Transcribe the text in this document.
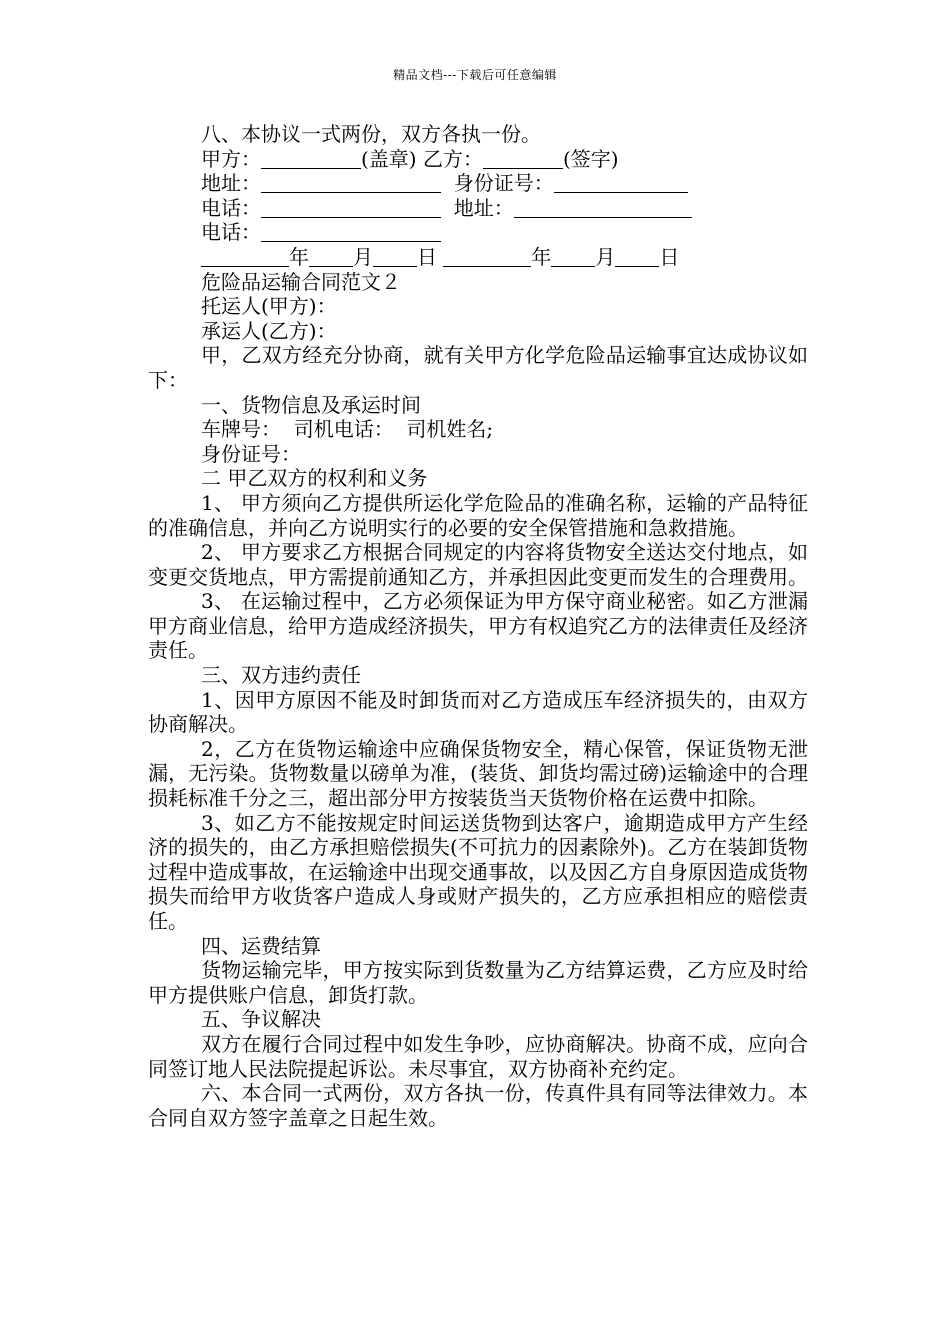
精品文档---下载后可任意编辑
八、本协议一式两份，双方各执一份。
甲方：	(盖章) 乙方：	(签字)
地址：	身份证号：
电话：	地址：
电话：
年 月 日	年 月 日
危险品运输合同范文２
托运人(甲方)：
承运人(乙方)：

甲，乙双方经充分协商，就有关甲方化学危险品运输事宜达成协议如下：

一、货物信息及承运时间
车牌号：  司机电话：  司机姓名;
身份证号：
二 甲乙双方的权利和义务

1、 甲方须向乙方提供所运化学危险品的准确名称，运输的产品特征的准确信息，并向乙方说明实行的必要的安全保管措施和急救措施。

2、 甲方要求乙方根据合同规定的内容将货物安全送达交付地点，如变更交货地点，甲方需提前通知乙方，并承担因此变更而发生的合理费用。

3、 在运输过程中，乙方必须保证为甲方保守商业秘密。如乙方泄漏甲方商业信息，给甲方造成经济损失，甲方有权追究乙方的法律责任及经济责任。

三、双方违约责任

1、因甲方原因不能及时卸货而对乙方造成压车经济损失的，由双方协商解决。

2，乙方在货物运输途中应确保货物安全，精心保管，保证货物无泄漏，无污染。货物数量以磅单为准，(装货、卸货均需过磅)运输途中的合理损耗标准千分之三，超出部分甲方按装货当天货物价格在运费中扣除。

3、如乙方不能按规定时间运送货物到达客户，逾期造成甲方产生经济的损失的，由乙方承担赔偿损失(不可抗力的因素除外)。乙方在装卸货物过程中造成事故，在运输途中出现交通事故，以及因乙方自身原因造成货物损失而给甲方收货客户造成人身或财产损失的，乙方应承担相应的赔偿责任。

四、运费结算

货物运输完毕，甲方按实际到货数量为乙方结算运费，乙方应及时给甲方提供账户信息，卸货打款。

五、争议解决

双方在履行合同过程中如发生争吵，应协商解决。协商不成，应向合同签订地人民法院提起诉讼。未尽事宜，双方协商补充约定。

六、本合同一式两份，双方各执一份，传真件具有同等法律效力。本合同自双方签字盖章之日起生效。
